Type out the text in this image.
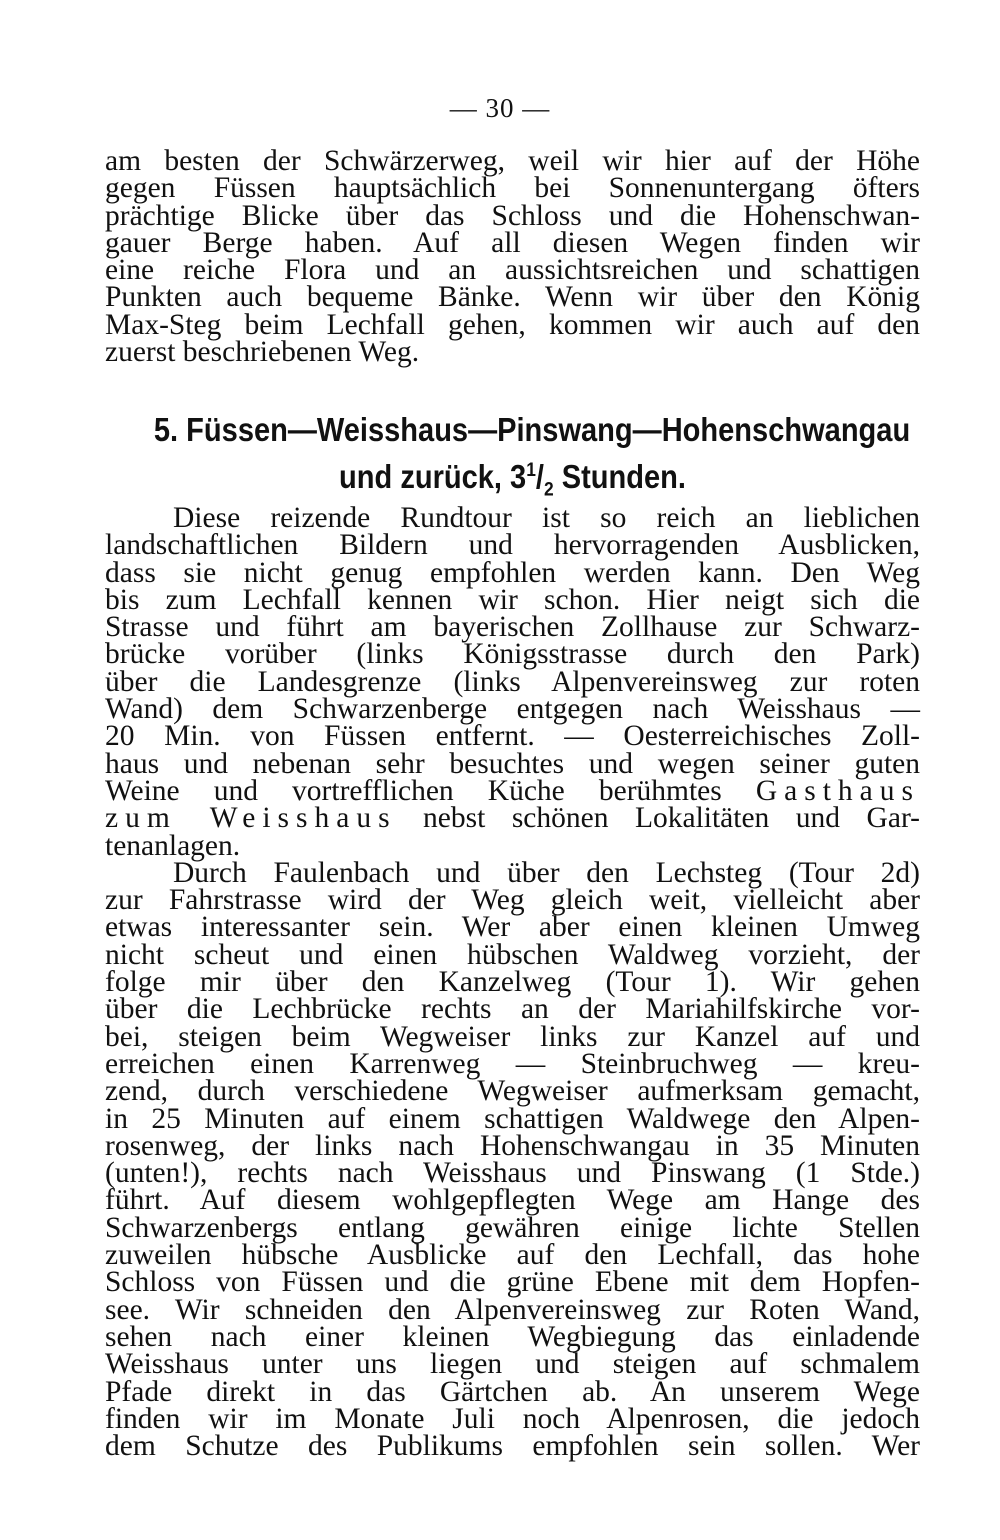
— 30 —
am besten der Schwärzerweg, weil wir hier auf der Höhe
gegen Füssen hauptsächlich bei Sonnenuntergang öfters
prächtige Blicke über das Schloss und die Hohenschwan-
gauer Berge haben. Auf all diesen Wegen finden wir
eine reiche Flora und an aussichtsreichen und schattigen
Punkten auch bequeme Bänke. Wenn wir über den König
Max-Steg beim Lechfall gehen, kommen wir auch auf den
zuerst beschriebenen Weg.
5. Füssen—Weisshaus—Pinswang—Hohenschwangau
und zurück, $3^1/_2$ Stunden.
Diese reizende Rundtour ist so reich an lieblichen
landschaftlichen Bildern und hervorragenden Ausblicken,
dass sie nicht genug empfohlen werden kann. Den Weg
bis zum Lechfall kennen wir schon. Hier neigt sich die
Strasse und führt am bayerischen Zollhause zur Schwarz-
brücke vorüber (links Königsstrasse durch den Park)
über die Landesgrenze (links Alpenvereinsweg zur roten
Wand) dem Schwarzenberge entgegen nach Weisshaus —
20 Min. von Füssen entfernt. — Oesterreichisches Zoll-
haus und nebenan sehr besuchtes und wegen seiner guten
Weine und vortrefflichen Küche berühmtes Gasthaus
zum Weisshaus nebst schönen Lokalitäten und Gar-
tenanlagen.
Durch Faulenbach und über den Lechsteg (Tour 2d)
zur Fahrstrasse wird der Weg gleich weit, vielleicht aber
etwas interessanter sein. Wer aber einen kleinen Umweg
nicht scheut und einen hübschen Waldweg vorzieht, der
folge mir über den Kanzelweg (Tour 1). Wir gehen
über die Lechbrücke rechts an der Mariahilfskirche vor-
bei, steigen beim Wegweiser links zur Kanzel auf und
erreichen einen Karrenweg — Steinbruchweg — kreu-
zend, durch verschiedene Wegweiser aufmerksam gemacht,
in 25 Minuten auf einem schattigen Waldwege den Alpen-
rosenweg, der links nach Hohenschwangau in 35 Minuten
(unten!), rechts nach Weisshaus und Pinswang (1 Stde.)
führt. Auf diesem wohlgepflegten Wege am Hange des
Schwarzenbergs entlang gewähren einige lichte Stellen
zuweilen hübsche Ausblicke auf den Lechfall, das hohe
Schloss von Füssen und die grüne Ebene mit dem Hopfen-
see. Wir schneiden den Alpenvereinsweg zur Roten Wand,
sehen nach einer kleinen Wegbiegung das einladende
Weisshaus unter uns liegen und steigen auf schmalem
Pfade direkt in das Gärtchen ab. An unserem Wege
finden wir im Monate Juli noch Alpenrosen, die jedoch
dem Schutze des Publikums empfohlen sein sollen. Wer
